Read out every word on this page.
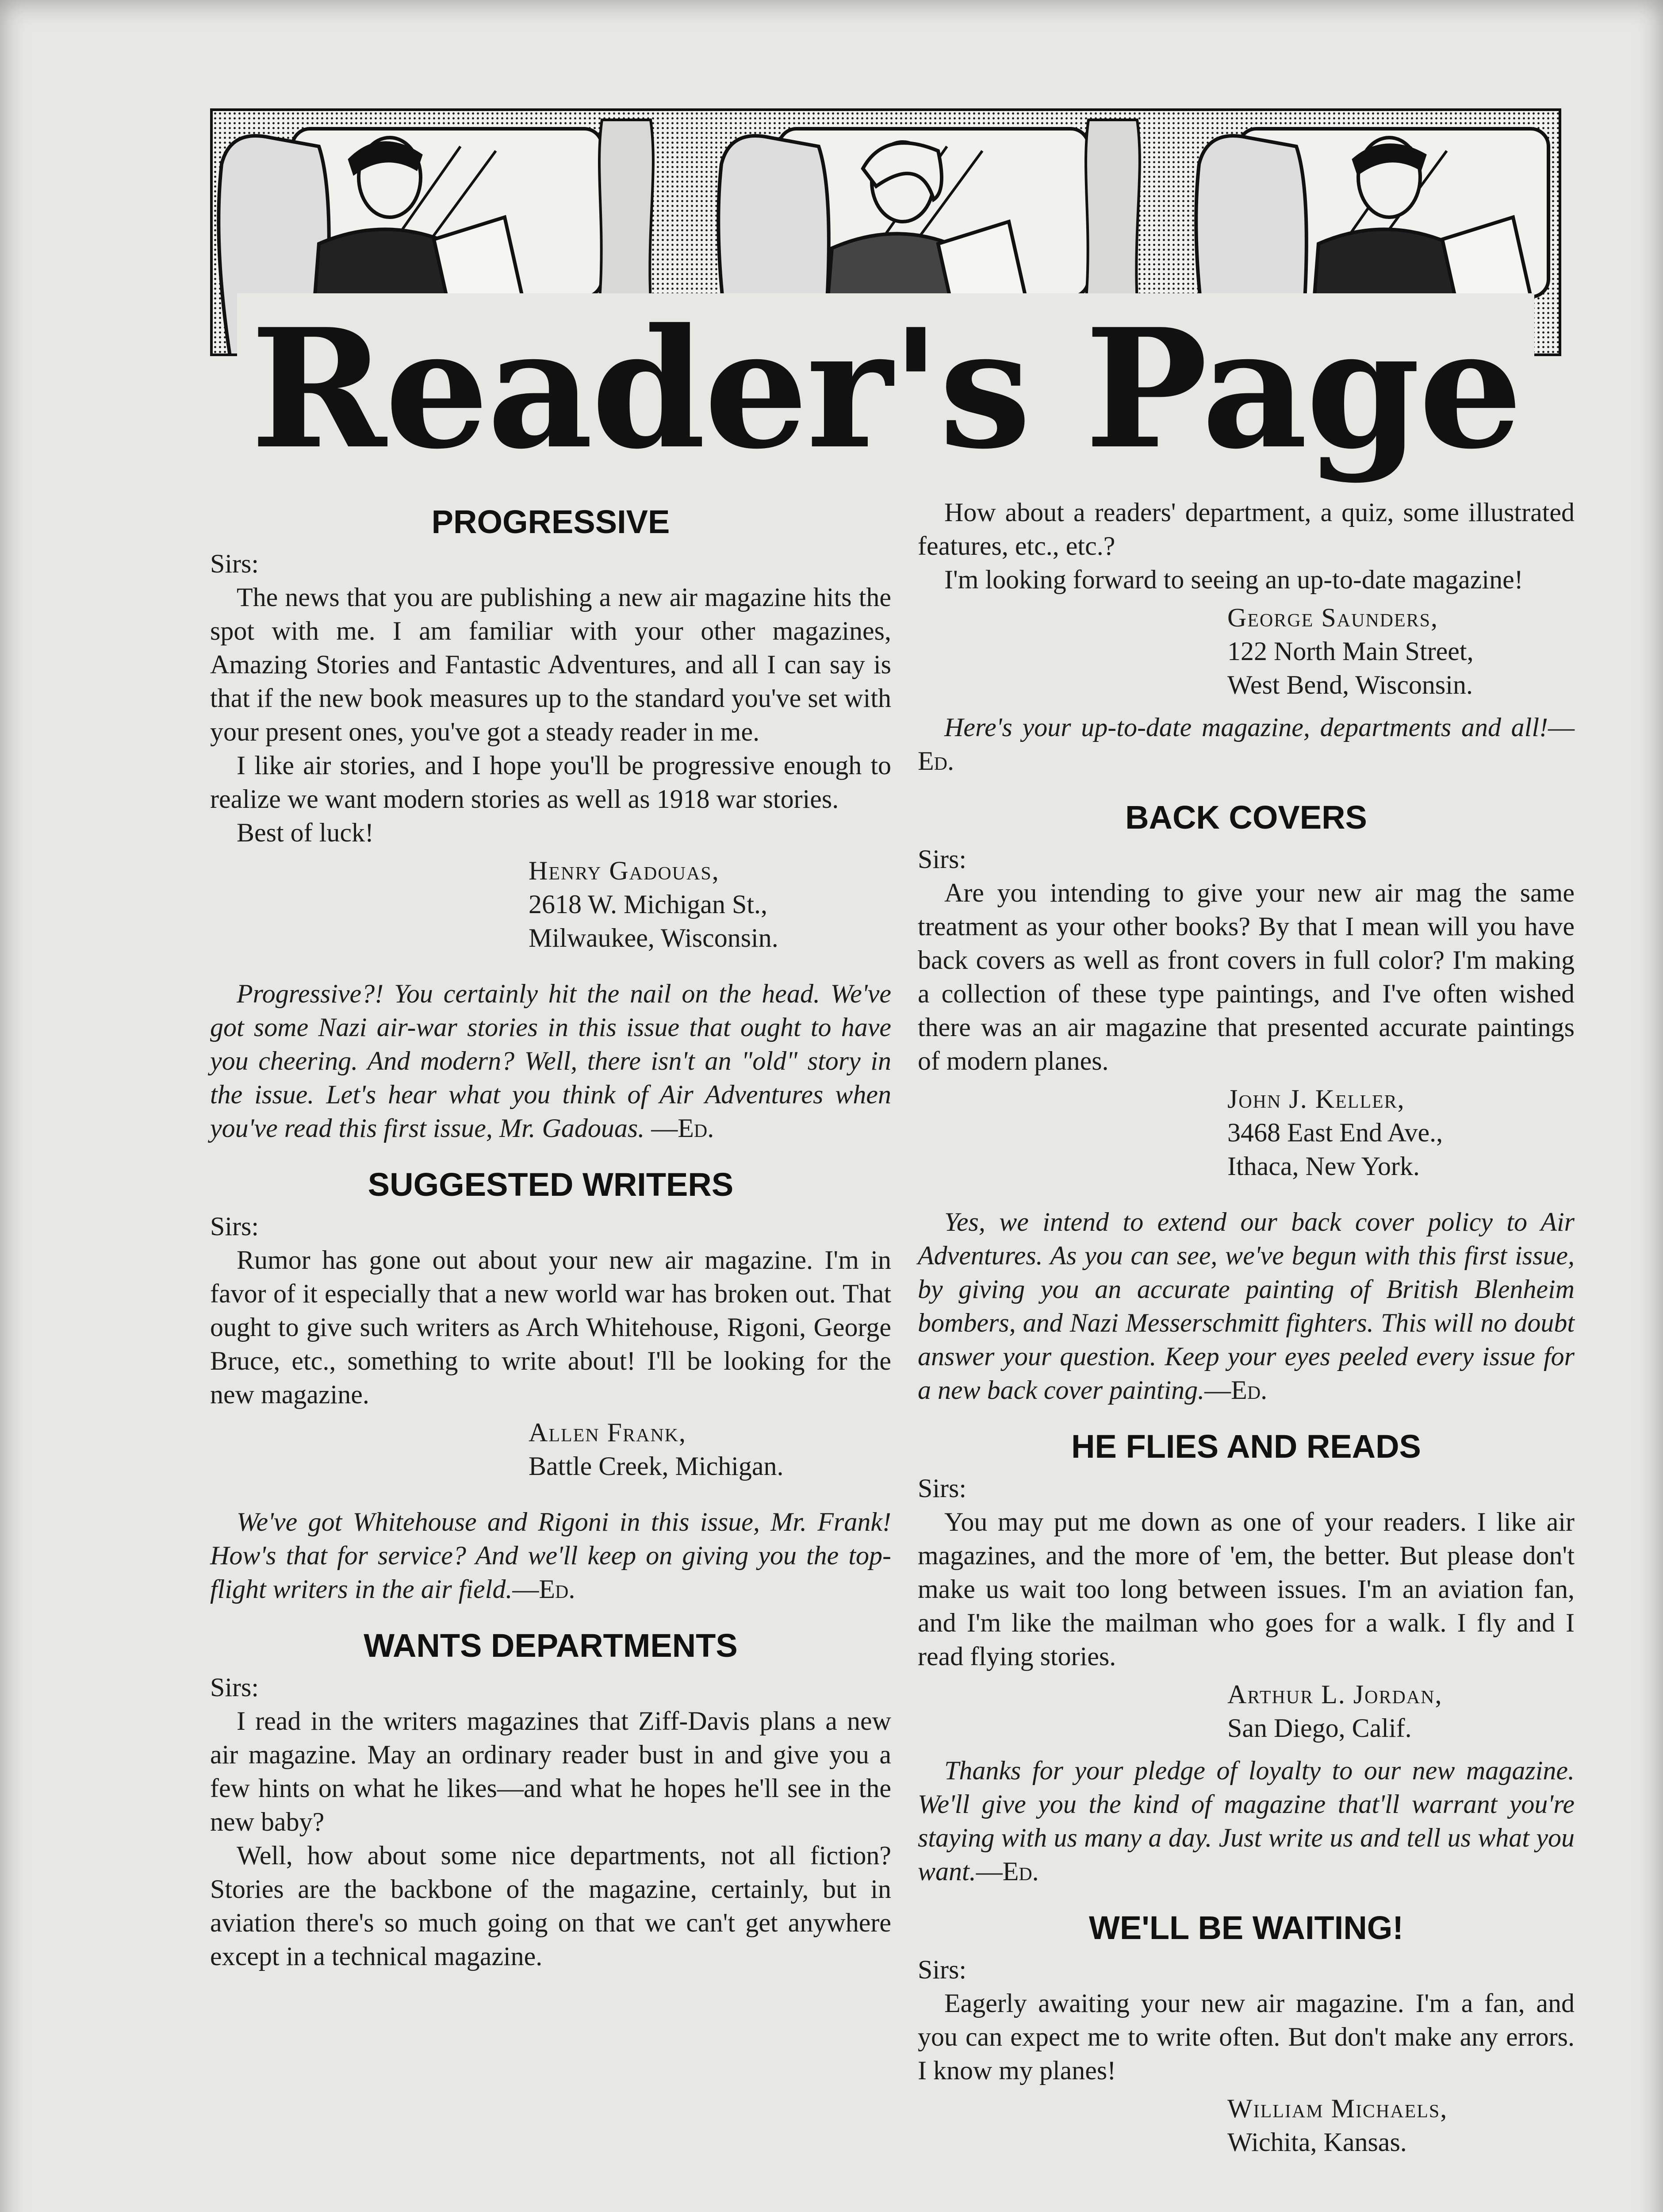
Reader's Page
PROGRESSIVE

Sirs:

The news that you are publishing a new air magazine hits the spot with me. I am familiar with your other magazines, Amazing Stories and Fantastic Adventures, and all I can say is that if the new book measures up to the standard you've set with your present ones, you've got a steady reader in me.

I like air stories, and I hope you'll be progressive enough to realize we want modern stories as well as 1918 war stories.

Best of luck!

Henry Gadouas,
2618 W. Michigan St.,
Milwaukee, Wisconsin.

Progressive?! You certainly hit the nail on the head. We've got some Nazi air-war stories in this issue that ought to have you cheering. And modern? Well, there isn't an "old" story in the issue. Let's hear what you think of Air Adventures when you've read this first issue, Mr. Gadouas. —Ed.

SUGGESTED WRITERS

Sirs:

Rumor has gone out about your new air magazine. I'm in favor of it especially that a new world war has broken out. That ought to give such writers as Arch Whitehouse, Rigoni, George Bruce, etc., something to write about! I'll be looking for the new magazine.

Allen Frank,
Battle Creek, Michigan.

We've got Whitehouse and Rigoni in this issue, Mr. Frank! How's that for service? And we'll keep on giving you the top-flight writers in the air field.—Ed.

WANTS DEPARTMENTS

Sirs:

I read in the writers magazines that Ziff-Davis plans a new air magazine. May an ordinary reader bust in and give you a few hints on what he likes—and what he hopes he'll see in the new baby?

Well, how about some nice departments, not all fiction? Stories are the backbone of the magazine, certainly, but in aviation there's so much going on that we can't get anywhere except in a technical magazine.

How about a readers' department, a quiz, some illustrated features, etc., etc.?

I'm looking forward to seeing an up-to-date magazine!

George Saunders,
122 North Main Street,
West Bend, Wisconsin.

Here's your up-to-date magazine, departments and all!—Ed.

BACK COVERS

Sirs:

Are you intending to give your new air mag the same treatment as your other books? By that I mean will you have back covers as well as front covers in full color? I'm making a collection of these type paintings, and I've often wished there was an air magazine that presented accurate paintings of modern planes.

John J. Keller,
3468 East End Ave.,
Ithaca, New York.

Yes, we intend to extend our back cover policy to Air Adventures. As you can see, we've begun with this first issue, by giving you an accurate painting of British Blenheim bombers, and Nazi Messerschmitt fighters. This will no doubt answer your question. Keep your eyes peeled every issue for a new back cover painting.—Ed.

HE FLIES AND READS

Sirs:

You may put me down as one of your readers. I like air magazines, and the more of 'em, the better. But please don't make us wait too long between issues. I'm an aviation fan, and I'm like the mailman who goes for a walk. I fly and I read flying stories.

Arthur L. Jordan,
San Diego, Calif.

Thanks for your pledge of loyalty to our new magazine. We'll give you the kind of magazine that'll warrant you're staying with us many a day. Just write us and tell us what you want.—Ed.

WE'LL BE WAITING!

Sirs:

Eagerly awaiting your new air magazine. I'm a fan, and you can expect me to write often. But don't make any errors. I know my planes!

William Michaels,
Wichita, Kansas.
